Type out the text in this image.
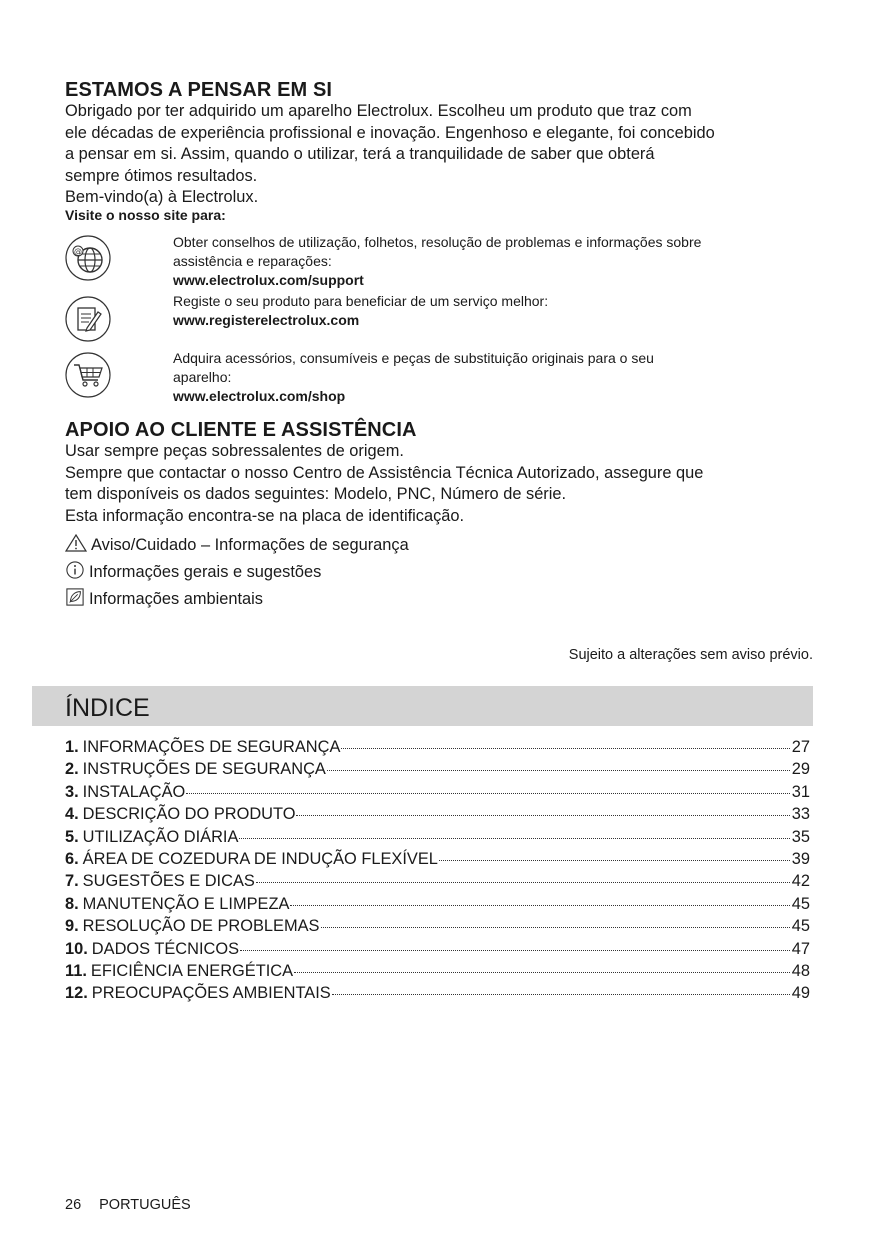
ESTAMOS A PENSAR EM SI

Obrigado por ter adquirido um aparelho Electrolux. Escolheu um produto que traz com

ele décadas de experiência profissional e inovação. Engenhoso e elegante, foi concebido

a pensar em si. Assim, quando o utilizar, terá a tranquilidade de saber que obterá

sempre ótimos resultados.

Bem-vindo(a) à Electrolux.

Visite o nosso site para:
@
Obter conselhos de utilização, folhetos, resolução de problemas e informações sobre
assistência e reparações:
www.electrolux.com/support
Registe o seu produto para beneficiar de um serviço melhor:
www.registerelectrolux.com
Adquira acessórios, consumíveis e peças de substituição originais para o seu
aparelho:
www.electrolux.com/shop
APOIO AO CLIENTE E ASSISTÊNCIA

Usar sempre peças sobressalentes de origem.

Sempre que contactar o nosso Centro de Assistência Técnica Autorizado, assegure que

tem disponíveis os dados seguintes: Modelo, PNC, Número de série.

Esta informação encontra-se na placa de identificação.

Aviso/Cuidado – Informações de segurança
Informações gerais e sugestões
Informações ambientais
Sujeito a alterações sem aviso prévio.
ÍNDICE
1. INFORMAÇÕES DE SEGURANÇA	27
2. INSTRUÇÕES DE SEGURANÇA	29
3. INSTALAÇÃO	31
4. DESCRIÇÃO DO PRODUTO	33
5. UTILIZAÇÃO DIÁRIA	35
6. ÁREA DE COZEDURA DE INDUÇÃO FLEXÍVEL	39
7. SUGESTÕES E DICAS	42
8. MANUTENÇÃO E LIMPEZA	45
9. RESOLUÇÃO DE PROBLEMAS	45
10. DADOS TÉCNICOS	47
11. EFICIÊNCIA ENERGÉTICA	48
12. PREOCUPAÇÕES AMBIENTAIS	49
26 PORTUGUÊS
